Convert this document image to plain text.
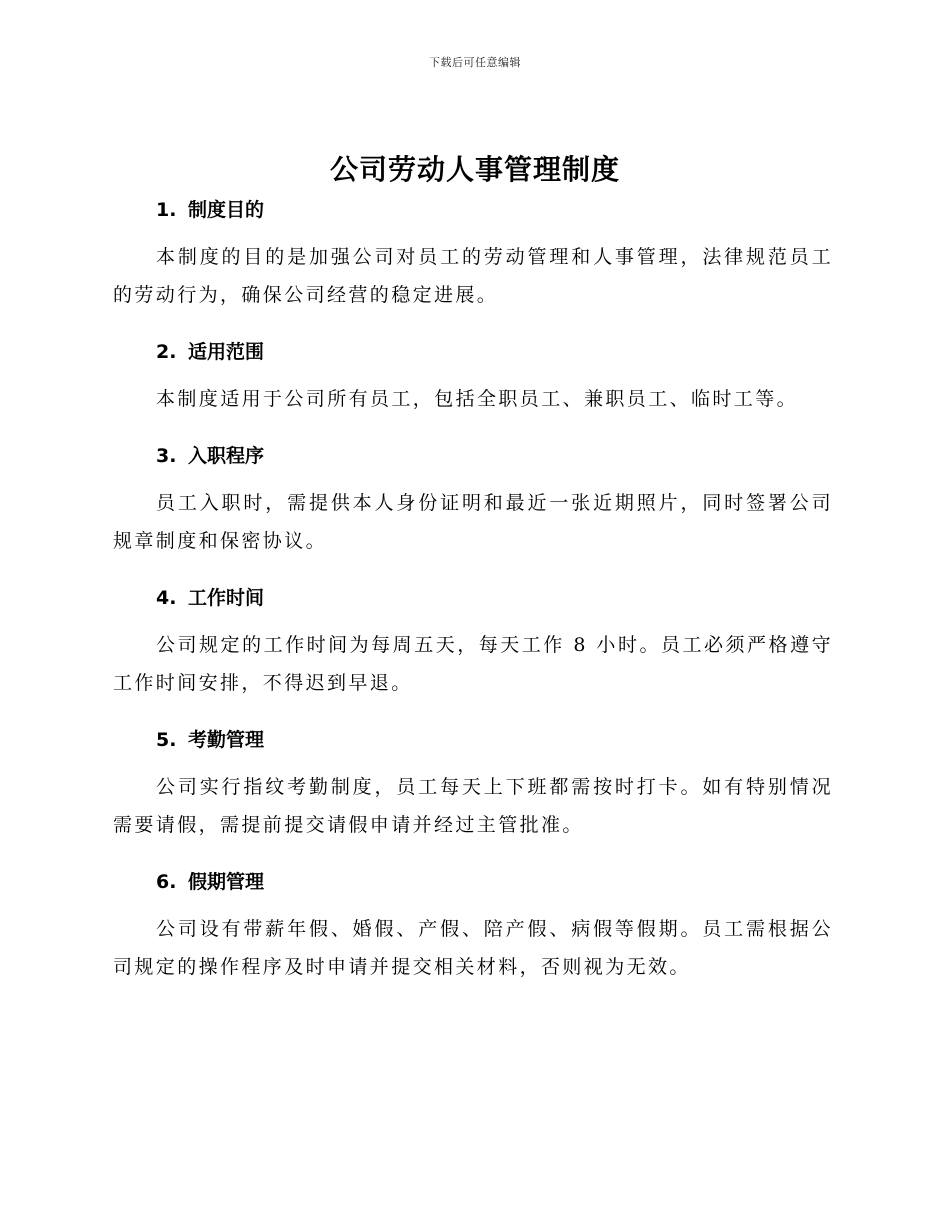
下载后可任意编辑
公司劳动人事管理制度
1. 制度目的

本制度的目的是加强公司对员工的劳动管理和人事管理，法律规范员工的劳动行为，确保公司经营的稳定进展。

2. 适用范围

本制度适用于公司所有员工，包括全职员工、兼职员工、临时工等。

3. 入职程序

员工入职时，需提供本人身份证明和最近一张近期照片，同时签署公司规章制度和保密协议。

4. 工作时间

公司规定的工作时间为每周五天，每天工作 8 小时。员工必须严格遵守工作时间安排，不得迟到早退。

5. 考勤管理

公司实行指纹考勤制度，员工每天上下班都需按时打卡。如有特别情况需要请假，需提前提交请假申请并经过主管批准。

6. 假期管理

公司设有带薪年假、婚假、产假、陪产假、病假等假期。员工需根据公司规定的操作程序及时申请并提交相关材料，否则视为无效。
